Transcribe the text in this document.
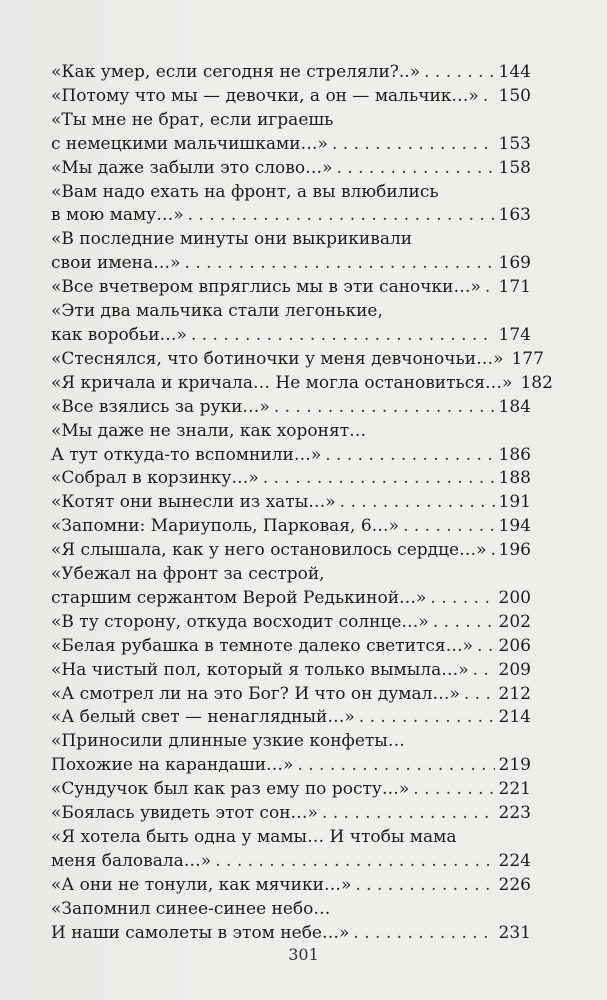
«Как умер, если сегодня не стреляли?..» . . .	144
«Потому что мы — девочки, а он — мальчик…» . . . 150
«Ты мне не брат, если играешь
с немецкими мальчишками…» . . .	153
«Мы даже забыли это слово…» . . .	158
«Вам надо ехать на фронт, а вы влюбились
в мою маму…» . . .	163
«В последние минуты они выкрикивали
свои имена…» . . .	169
«Все вчетвером впряглись мы в эти саночки…» . . . 171
«Эти два мальчика стали легонькие,
как воробьи…» . . .	174
«Стеснялся, что ботиночки у меня девчоночьи…» 177
«Я кричала и кричала… Не могла остановиться…» 182
«Все взялись за руки…» . . .	184
«Мы даже не знали, как хоронят…
А тут откуда-то вспомнили…» . . .	186
«Собрал в корзинку…» . . .	188
«Котят они вынесли из хаты…» . . .	191
«Запомни: Мариуполь, Парковая, 6…» . . .	194
«Я слышала, как у него остановилось сердце…» . . . 196
«Убежал на фронт за сестрой,
старшим сержантом Верой Редькиной…» . . .	200
«В ту сторону, откуда восходит солнце…» . . .	202
«Белая рубашка в темноте далеко светится…» . . . 206
«На чистый пол, который я только вымыла…» . . . 209
«А смотрел ли на это Бог? И что он думал…» . . . 212
«А белый свет — ненаглядный…» . . .	214
«Приносили длинные узкие конфеты…
Похожие на карандаши…» . . .	219
«Сундучок был как раз ему по росту…» . . .	221
«Боялась увидеть этот сон…» . . .	223
«Я хотела быть одна у мамы… И чтобы мама
меня баловала…» . . .	224
«А они не тонули, как мячики…» . . .	226
«Запомнил синее-синее небо…
И наши самолеты в этом небе…» . . .	231
301
